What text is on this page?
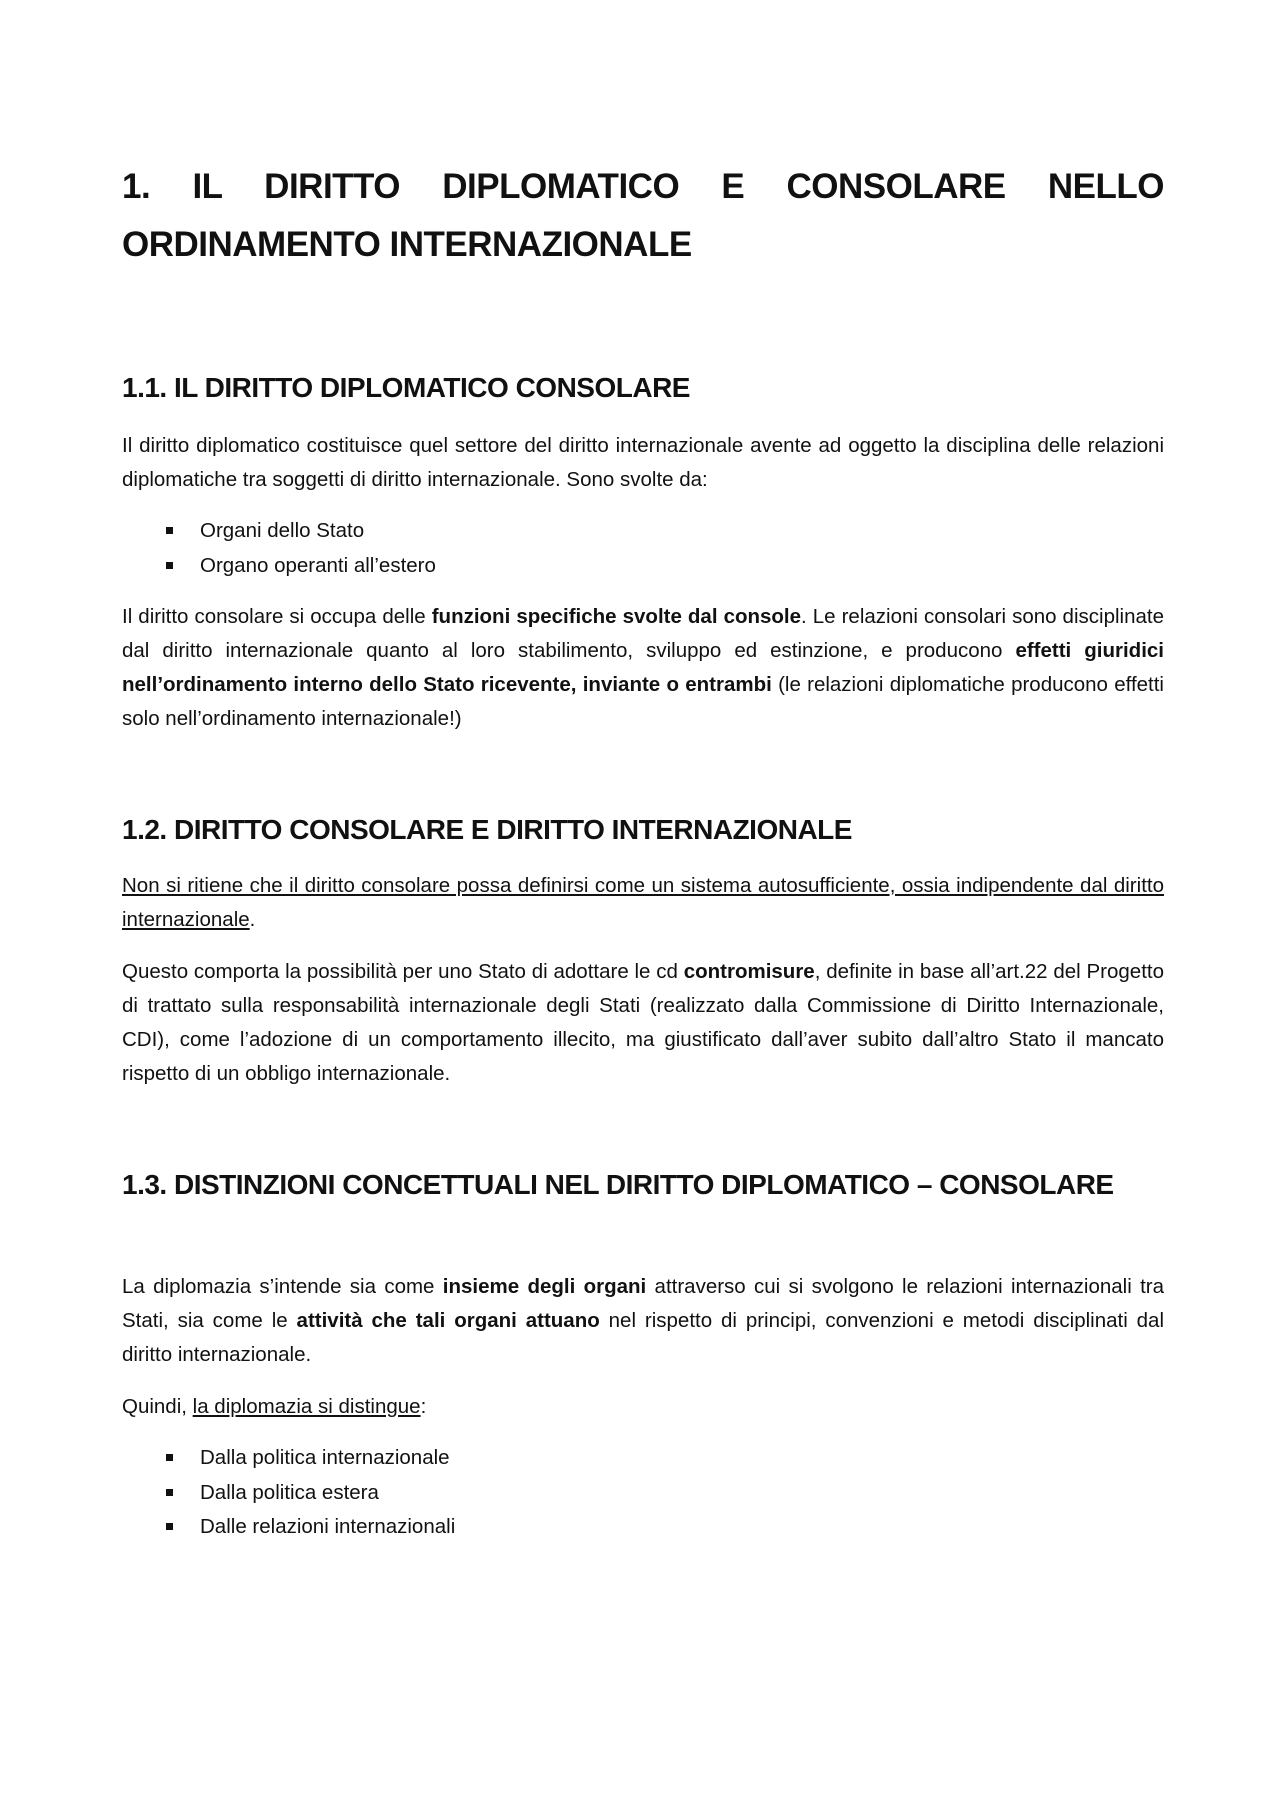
1. IL DIRITTO DIPLOMATICO E CONSOLARE NELLO ORDINAMENTO INTERNAZIONALE
1.1. IL DIRITTO DIPLOMATICO CONSOLARE
Il diritto diplomatico costituisce quel settore del diritto internazionale avente ad oggetto la disciplina delle relazioni diplomatiche tra soggetti di diritto internazionale. Sono svolte da:
Organi dello Stato
Organo operanti all’estero
Il diritto consolare si occupa delle funzioni specifiche svolte dal console. Le relazioni consolari sono disciplinate dal diritto internazionale quanto al loro stabilimento, sviluppo ed estinzione, e producono effetti giuridici nell’ordinamento interno dello Stato ricevente, inviante o entrambi (le relazioni diplomatiche producono effetti solo nell’ordinamento internazionale!)
1.2. DIRITTO CONSOLARE E DIRITTO INTERNAZIONALE
Non si ritiene che il diritto consolare possa definirsi come un sistema autosufficiente, ossia indipendente dal diritto internazionale.
Questo comporta la possibilità per uno Stato di adottare le cd contromisure, definite in base all’art.22 del Progetto di trattato sulla responsabilità internazionale degli Stati (realizzato dalla Commissione di Diritto Internazionale, CDI), come l’adozione di un comportamento illecito, ma giustificato dall’aver subito dall’altro Stato il mancato rispetto di un obbligo internazionale.
1.3. DISTINZIONI CONCETTUALI NEL DIRITTO DIPLOMATICO – CONSOLARE
La diplomazia s’intende sia come insieme degli organi attraverso cui si svolgono le relazioni internazionali tra Stati, sia come le attività che tali organi attuano nel rispetto di principi, convenzioni e metodi disciplinati dal diritto internazionale.
Quindi, la diplomazia si distingue:
Dalla politica internazionale
Dalla politica estera
Dalle relazioni internazionali
